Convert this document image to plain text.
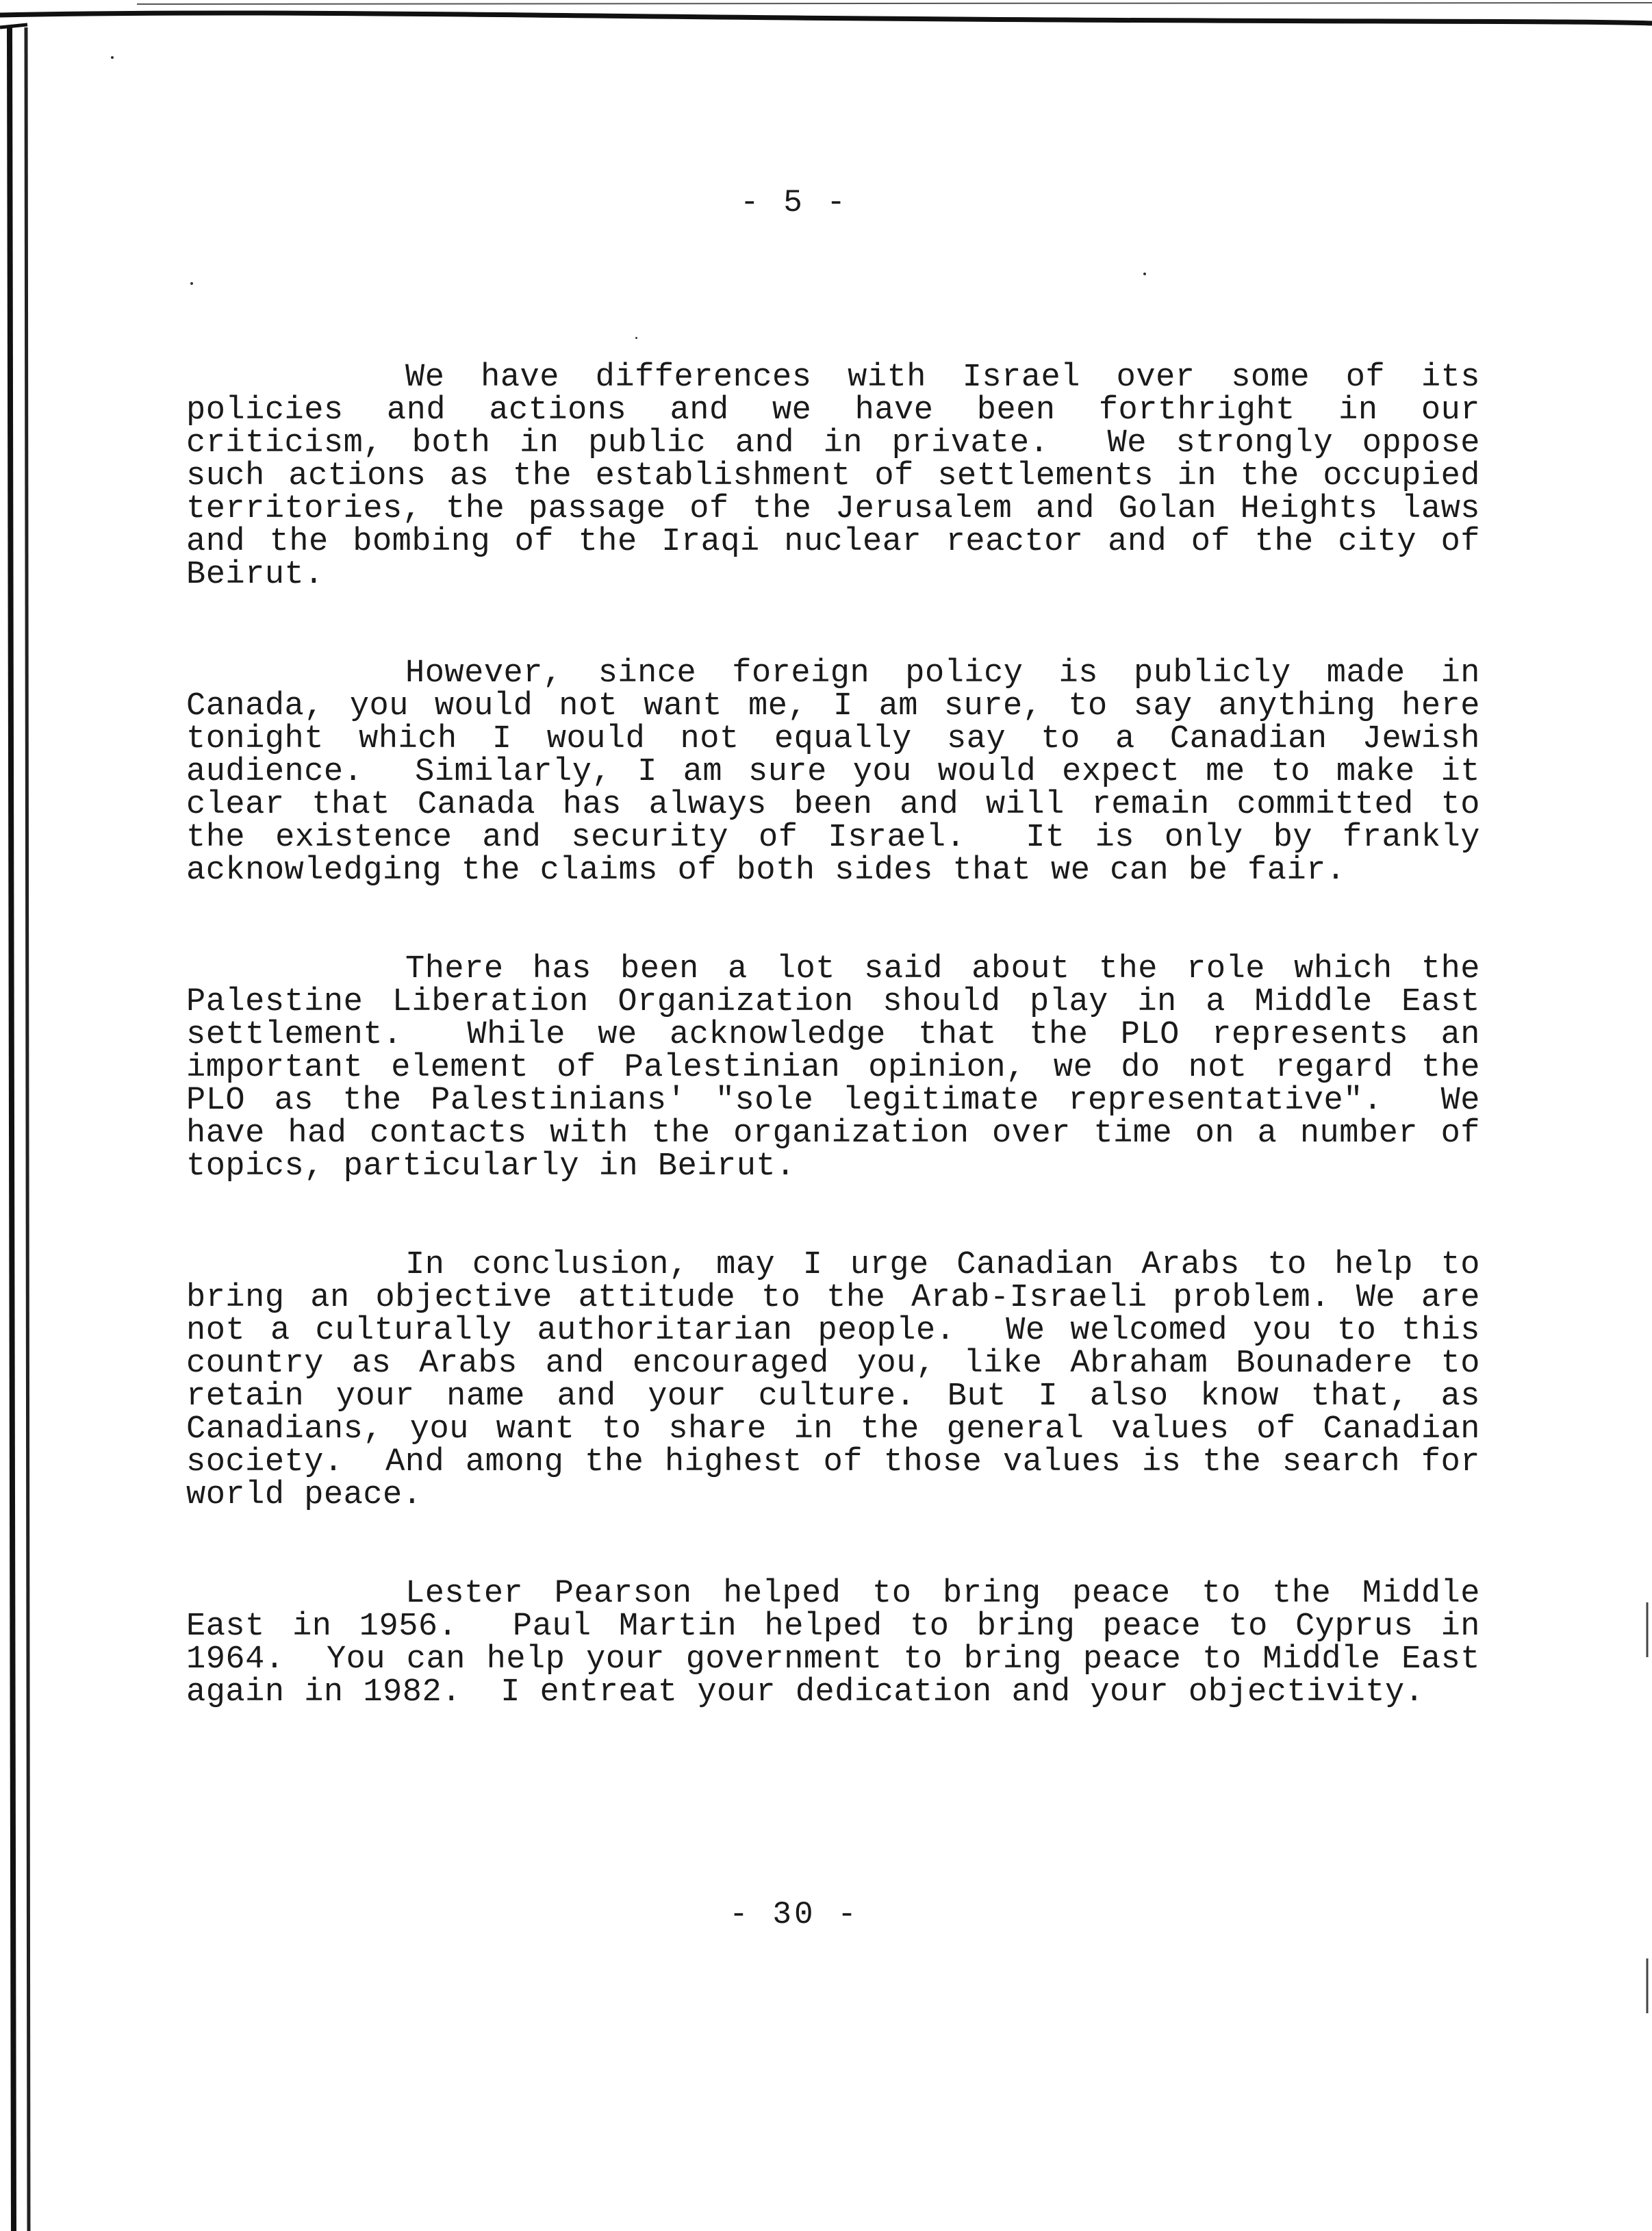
- 5 -

We have differences with Israel over some of its policies and actions and we have been forthright in our criticism, both in public and in private.  We strongly oppose such actions as the establishment of settlements in the occupied territories, the passage of the Jerusalem and Golan Heights laws and the bombing of the Iraqi nuclear reactor and of the city of Beirut.

However, since foreign policy is publicly made in Canada, you would not want me, I am sure, to say anything here tonight which I would not equally say to a Canadian Jewish audience.  Similarly, I am sure you would expect me to make it clear that Canada has always been and will remain committed to the existence and security of Israel.  It is only by frankly acknowledging the claims of both sides that we can be fair.

There has been a lot said about the role which the Palestine Liberation Organization should play in a Middle East settlement.  While we acknowledge that the PLO represents an important element of Palestinian opinion, we do not regard the PLO as the Palestinians' "sole legitimate representative".  We have had contacts with the organization over time on a number of topics, particularly in Beirut.

In conclusion, may I urge Canadian Arabs to help to bring an objective attitude to the Arab-Israeli problem. We are not a culturally authoritarian people.  We welcomed you to this country as Arabs and encouraged you, like Abraham Bounadere to retain your name and your culture. But I also know that, as Canadians, you want to share in the general values of Canadian society.  And among the highest of those values is the search for world peace.

Lester Pearson helped to bring peace to the Middle East in 1956.  Paul Martin helped to bring peace to Cyprus in 1964.  You can help your government to bring peace to Middle East again in 1982.  I entreat your dedication and your objectivity.

- 30 -
